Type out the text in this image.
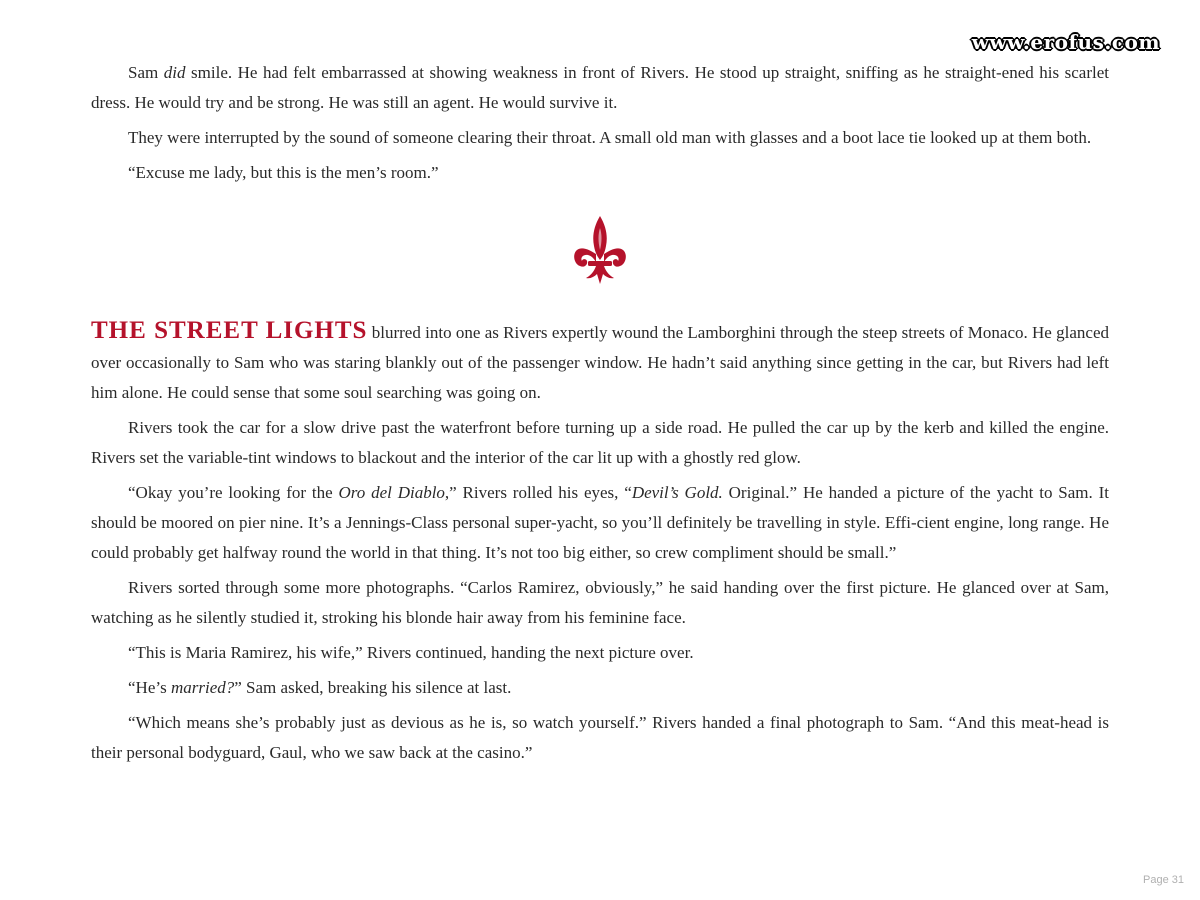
www.erofus.com

Sam did smile. He had felt embarrassed at showing weakness in front of Rivers. He stood up straight, sniffing as he straight-ened his scarlet dress. He would try and be strong. He was still an agent. He would survive it.

They were interrupted by the sound of someone clearing their throat. A small old man with glasses and a boot lace tie looked up at them both.

“Excuse me lady, but this is the men’s room.”

THE STREET LIGHTS blurred into one as Rivers expertly wound the Lamborghini through the steep streets of Monaco. He glanced over occasionally to Sam who was staring blankly out of the passenger window. He hadn’t said anything since getting in the car, but Rivers had left him alone. He could sense that some soul searching was going on.

Rivers took the car for a slow drive past the waterfront before turning up a side road. He pulled the car up by the kerb and killed the engine. Rivers set the variable-tint windows to blackout and the interior of the car lit up with a ghostly red glow.

“Okay you’re looking for the Oro del Diablo,” Rivers rolled his eyes, “Devil’s Gold. Original.” He handed a picture of the yacht to Sam. It should be moored on pier nine. It’s a Jennings-Class personal super-yacht, so you’ll definitely be travelling in style. Effi-cient engine, long range. He could probably get halfway round the world in that thing. It’s not too big either, so crew compliment should be small.”

Rivers sorted through some more photographs. “Carlos Ramirez, obviously,” he said handing over the first picture. He glanced over at Sam, watching as he silently studied it, stroking his blonde hair away from his feminine face.

“This is Maria Ramirez, his wife,” Rivers continued, handing the next picture over.

“He’s married?” Sam asked, breaking his silence at last.

“Which means she’s probably just as devious as he is, so watch yourself.” Rivers handed a final photograph to Sam. “And this meat-head is their personal bodyguard, Gaul, who we saw back at the casino.”

Page 31
